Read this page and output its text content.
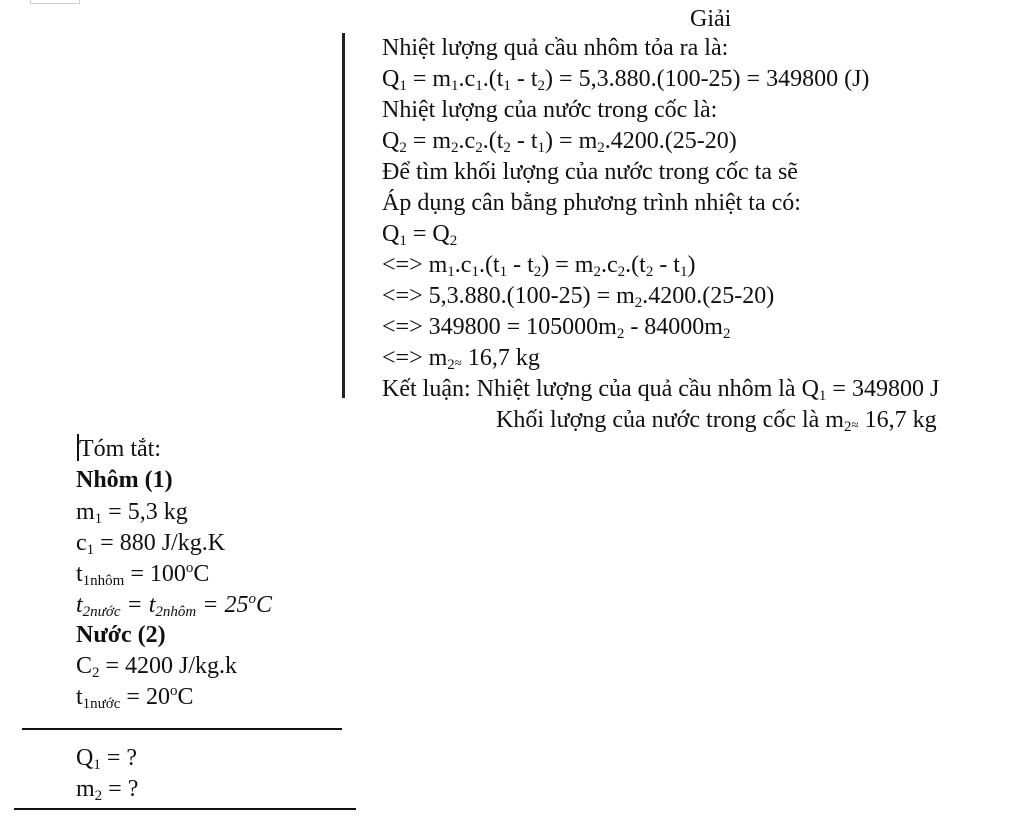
Giải
Nhiệt lượng quả cầu nhôm tỏa ra là:
$Q_1 = m_1.c_1.(t_1 - t_2) = 5,3.880.(100-25) = 349800$ (J)
Nhiệt lượng của nước trong cốc là:
$Q_2 = m_2.c_2.(t_2 - t_1) = m_2.4200.(25-20)$
Để tìm khối lượng của nước trong cốc ta sẽ
Áp dụng cân bằng phương trình nhiệt ta có:
$Q_1 = Q_2$
<=> $m_1.c_1.(t_1 - t_2) = m_2.c_2.(t_2 - t_1)$
<=> $5,3.880.(100-25) = m_2.4200.(25-20)$
<=> $349800 = 105000m_2 - 84000m_2$
<=> $m_2\approx 16,7$ kg
Kết luận: Nhiệt lượng của quả cầu nhôm là $Q_1 = 349800$ J
Khối lượng của nước trong cốc là $m_2\approx 16,7$ kg
Tóm tắt:
Nhôm (1)
$m_1 = 5,3$ kg
$c_1 = 880$ J/kg.K
$t_{1nhôm} = 100^oC$
$t_{2nước} = t_{2nhôm} = 25^oC$
Nước (2)
$C_2 = 4200$ J/kg.k
$t_{1nước} = 20^oC$
$Q_1$ = ?
$m_2$ = ?
